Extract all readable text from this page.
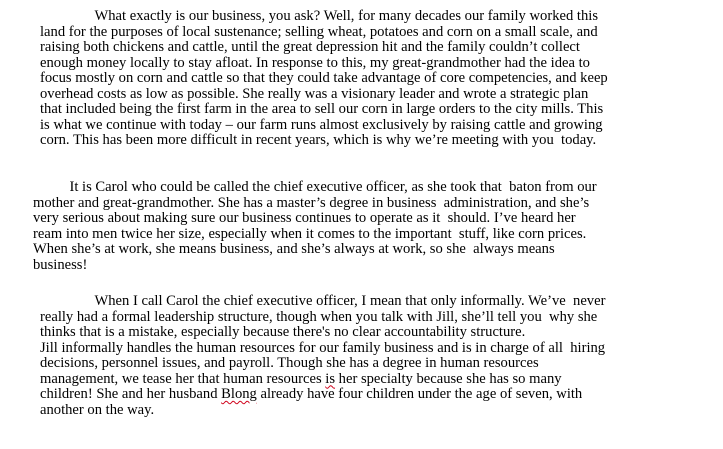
What exactly is our business, you ask? Well, for many decades our family worked this
land for the purposes of local sustenance; selling wheat, potatoes and corn on a small scale, and
raising both chickens and cattle, until the great depression hit and the family couldn’t collect
enough money locally to stay afloat. In response to this, my great-grandmother had the idea to
focus mostly on corn and cattle so that they could take advantage of core competencies, and keep
overhead costs as low as possible. She really was a visionary leader and wrote a strategic plan
that included being the first farm in the area to sell our corn in large orders to the city mills. This
is what we continue with today – our farm runs almost exclusively by raising cattle and growing
corn. This has been more difficult in recent years, which is why we’re meeting with you  today.

It is Carol who could be called the chief executive officer, as she took that  baton from our
mother and great-grandmother. She has a master’s degree in business  administration, and she’s
very serious about making sure our business continues to operate as it  should. I’ve heard her
ream into men twice her size, especially when it comes to the important  stuff, like corn prices.
When she’s at work, she means business, and she’s always at work, so she  always means
business!

When I call Carol the chief executive officer, I mean that only informally. We’ve  never
really had a formal leadership structure, though when you talk with Jill, she’ll tell you  why she
thinks that is a mistake, especially because there's no clear accountability structure.
Jill informally handles the human resources for our family business and is in charge of all  hiring
decisions, personnel issues, and payroll. Though she has a degree in human resources
management, we tease her that human resources is her specialty because she has so many
children! She and her husband Blong already have four children under the age of seven, with
another on the way.
